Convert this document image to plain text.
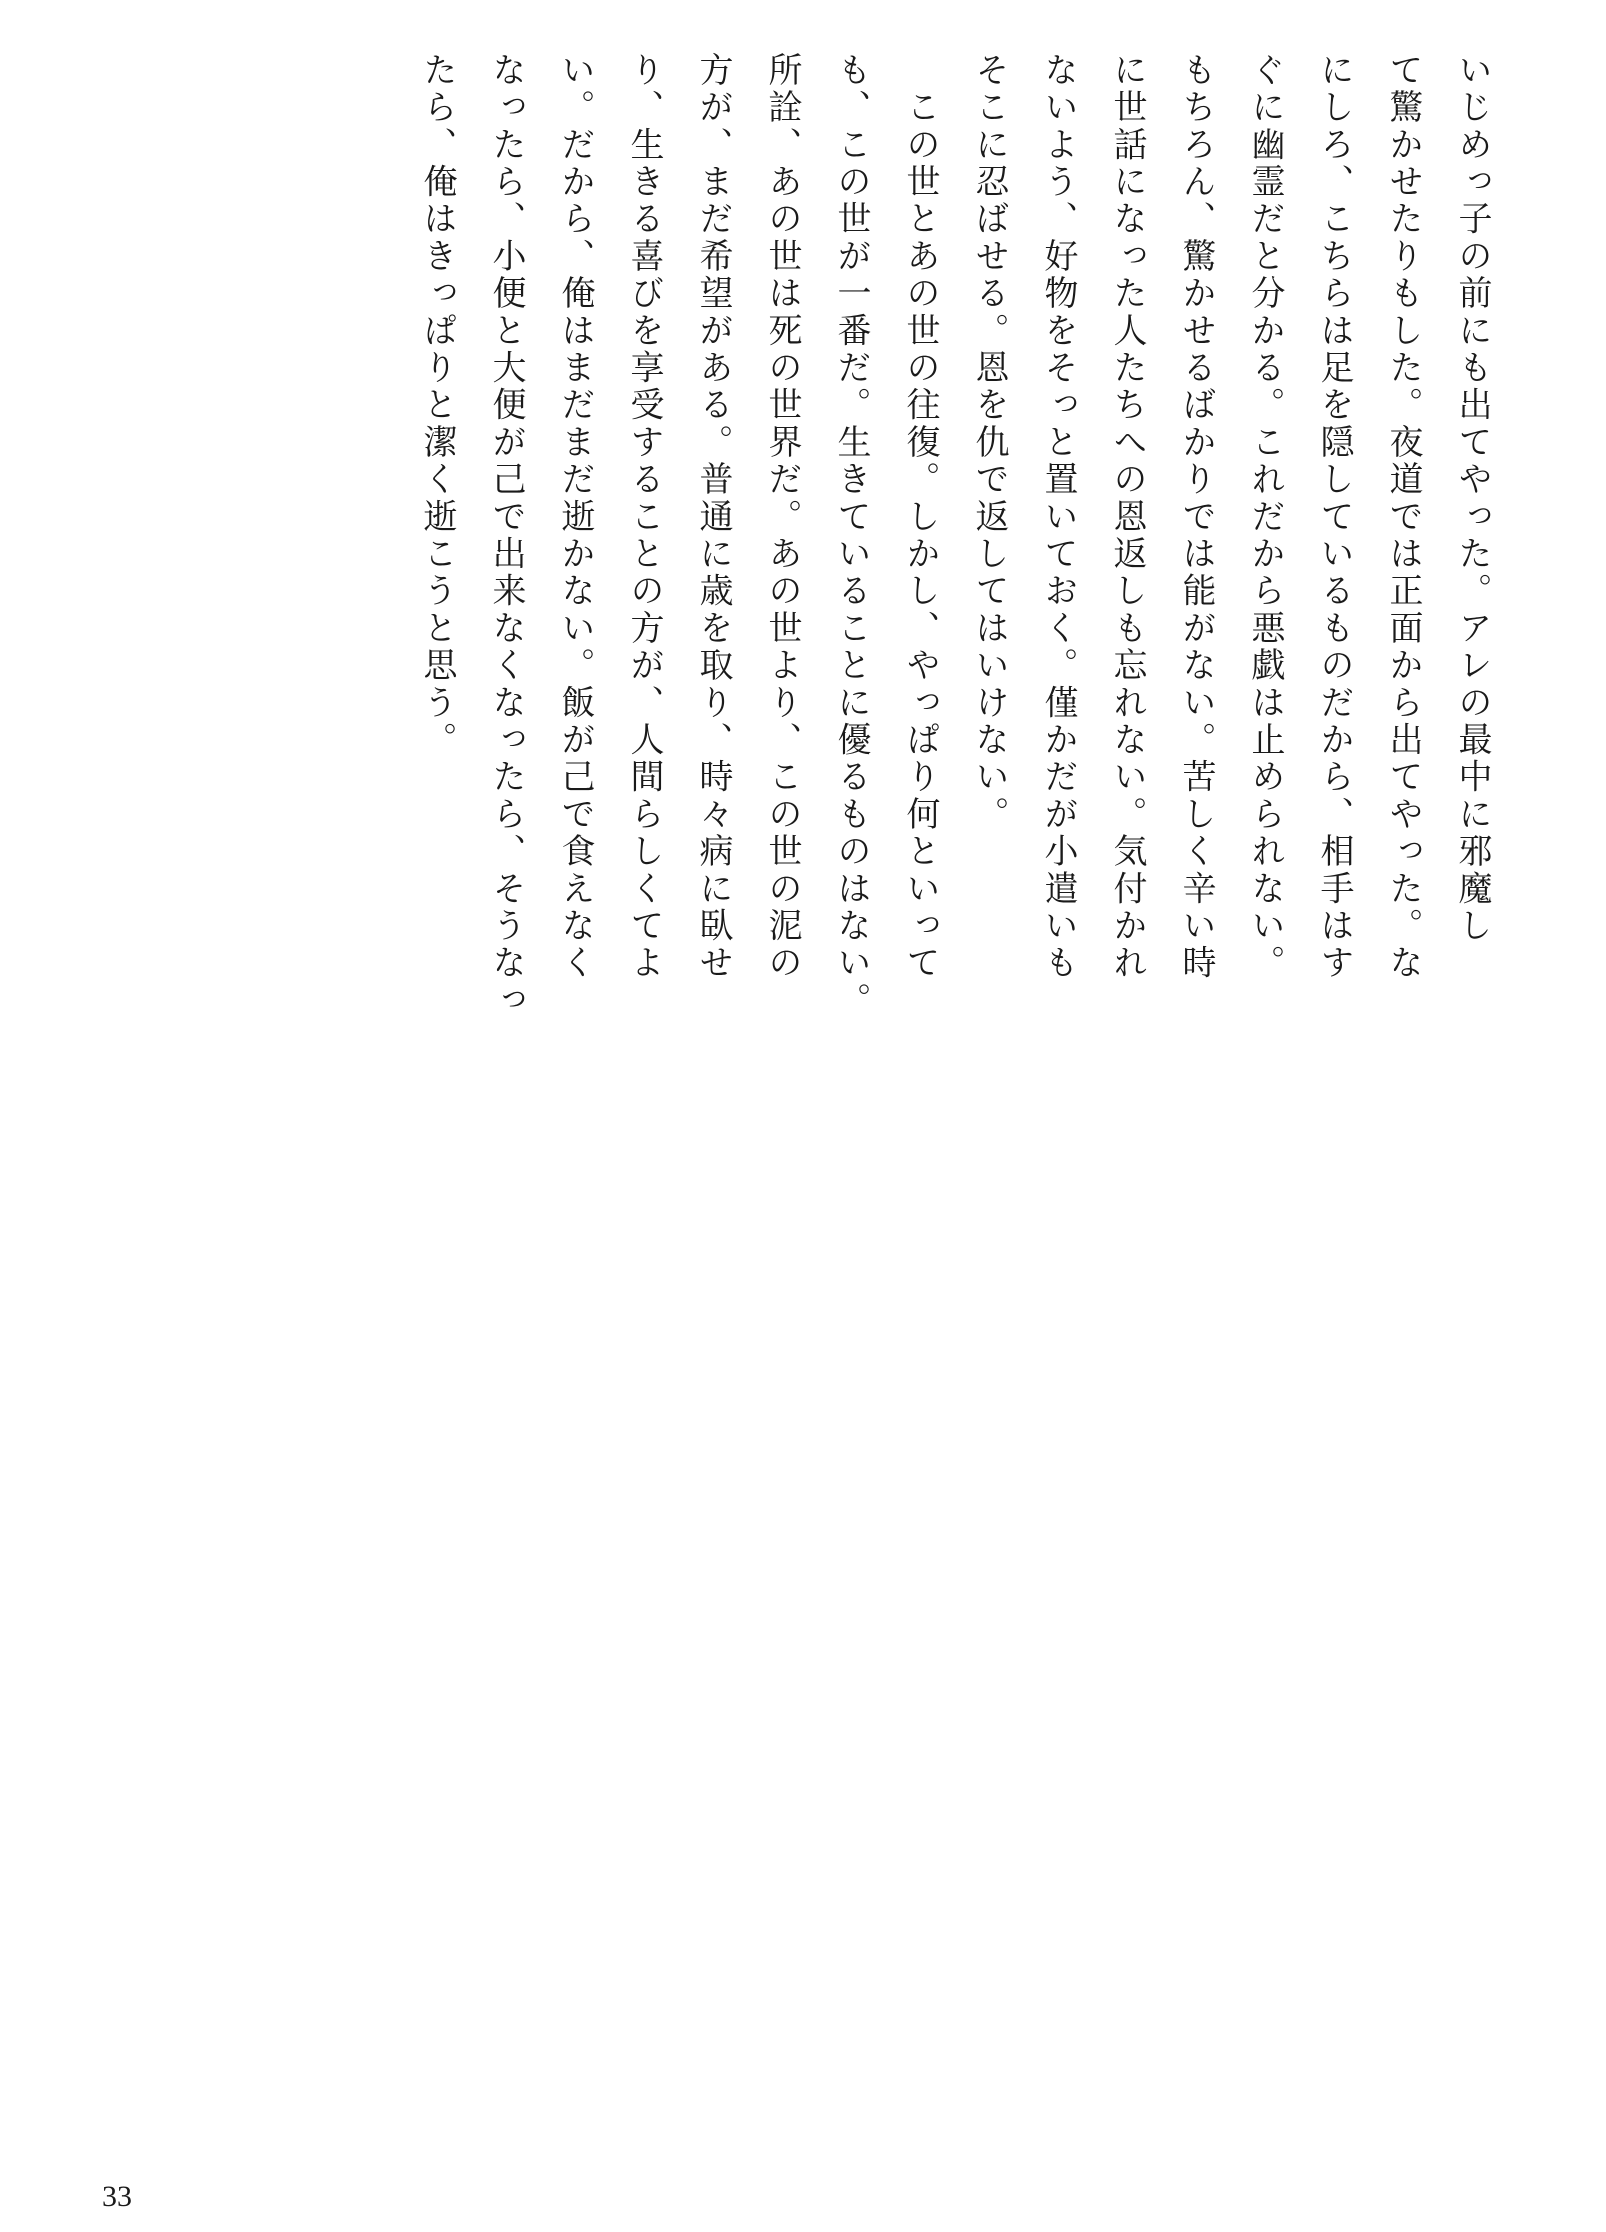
いじめっ子の前にも出てやった。アレの最中に邪魔し
て驚かせたりもした。夜道では正面から出てやった。な
にしろ、こちらは足を隠しているものだから、相手はす
ぐに幽霊だと分かる。これだから悪戯は止められない。
もちろん、驚かせるばかりでは能がない。苦しく辛い時
に世話になった人たちへの恩返しも忘れない。気付かれ
ないよう、好物をそっと置いておく。僅かだが小遣いも
そこに忍ばせる。恩を仇で返してはいけない。
　この世とあの世の往復。しかし、やっぱり何といって
も、この世が一番だ。生きていることに優るものはない。
所詮、あの世は死の世界だ。あの世より、この世の泥の
方が、まだ希望がある。普通に歳を取り、時々病に臥せ
り、生きる喜びを享受することの方が、人間らしくてよ
い。だから、俺はまだまだ逝かない。飯が己で食えなく
なったら、小便と大便が己で出来なくなったら、そうなっ
たら、俺はきっぱりと潔く逝こうと思う。
33
